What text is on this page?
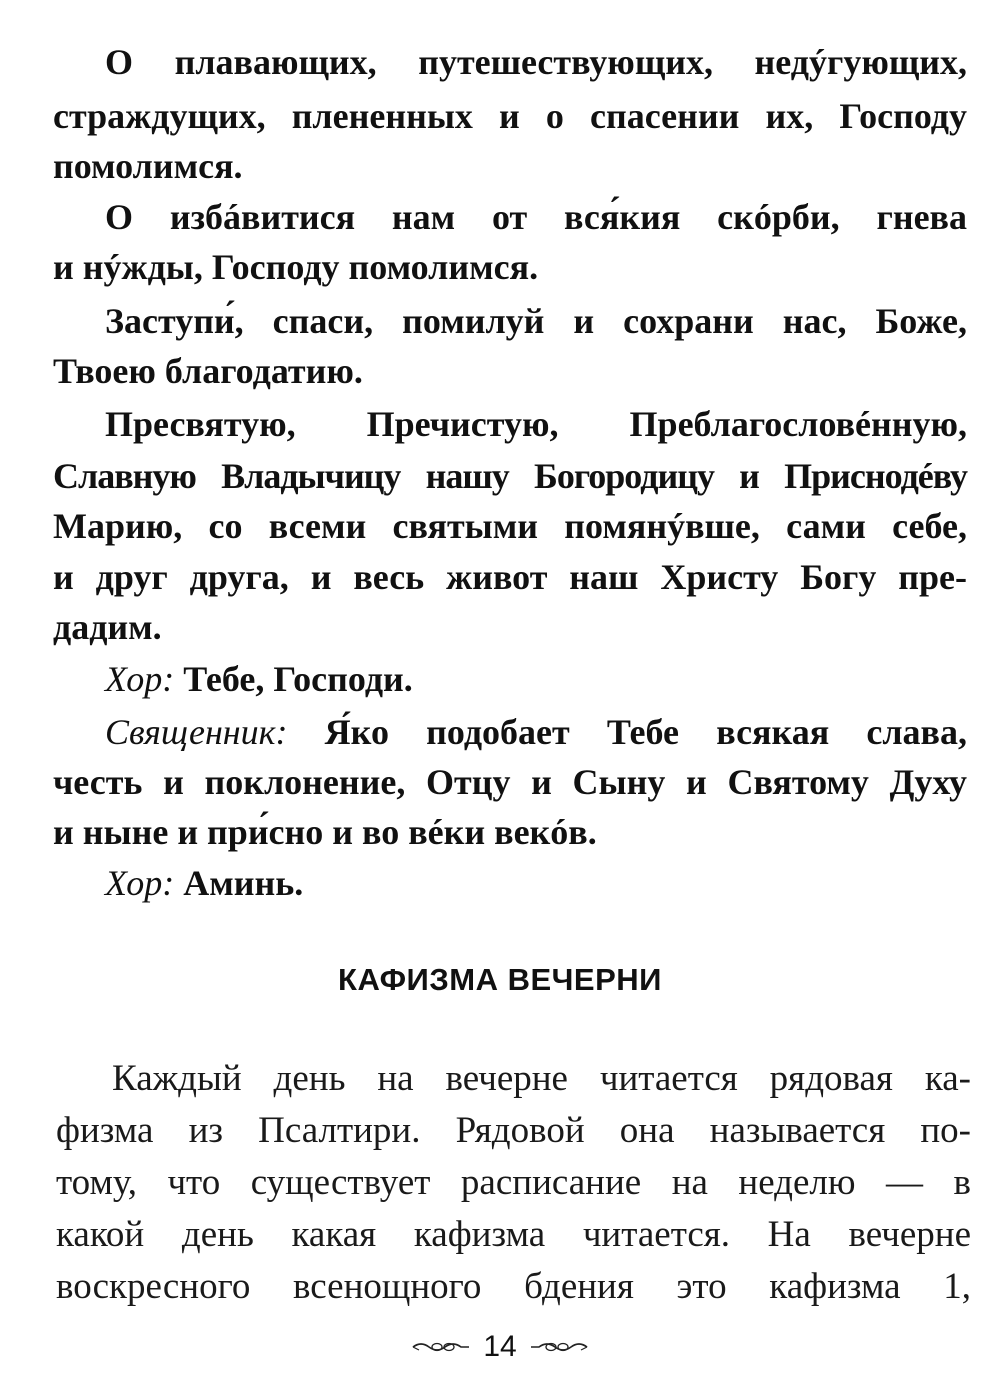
О плавающих, путешествующих, недýгующих,
страждущих, плененных и о спасении их, Господу
помолимся.
О избáвитися нам от вся́кия скóрби, гнева
и нýжды, Господу помолимся.
Заступи́, спаси, помилуй и сохрани нас, Боже,
Твоею благодатию.
Пресвятую, Пречистую, Преблагословéнную,
Славную Владычицу нашу Богородицу и Приснодéву
Марию, со всеми святыми помянýвше, сами себе,
и друг друга, и весь живот наш Христу Богу пре-
дадим.
Хор: Тебе, Господи.
Священник: Я́ко подобает Тебе всякая слава,
честь и поклонение, Отцу и Сыну и Святому Духу
и ныне и при́сно и во вéки векóв.
Хор: Аминь.
КАФИЗМА ВЕЧЕРНИ
Каждый день на вечерне читается рядовая ка-
физма из Псалтири. Рядовой она называется по-
тому, что существует расписание на неделю — в
какой день какая кафизма читается. На вечерне
воскресного всенощного бдения это кафизма 1,
14
